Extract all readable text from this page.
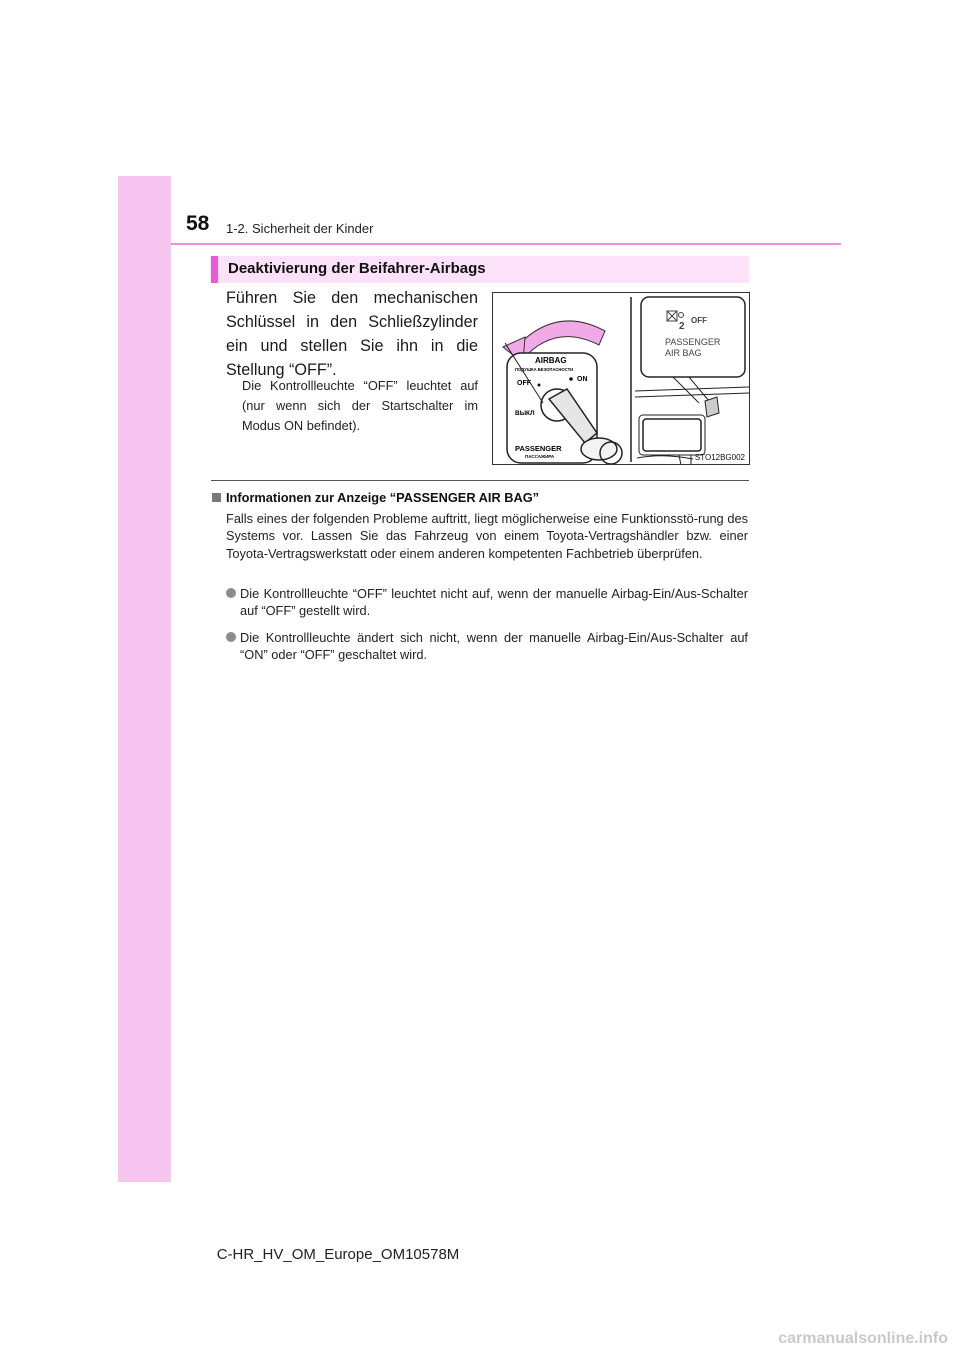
58 1-2. Sicherheit der Kinder
Deaktivierung der Beifahrer-Airbags
Führen Sie den mechanischen Schlüssel in den Schließzylinder ein und stellen Sie ihn in die Stellung “OFF”.
Die Kontrollleuchte “OFF” leuchtet auf (nur wenn sich der Startschalter im Modus ON befindet).
AIRBAG
ПОДУШКА БЕЗОПАСНОСТИ
OFF
ON
ВЫКЛ
PASSENGER
ПАССАЖИРА
2
OFF
PASSENGER
AIR BAG
STO12BG002
Informationen zur Anzeige “PASSENGER AIR BAG”
Falls eines der folgenden Probleme auftritt, liegt möglicherweise eine Funktionsstö-rung des Systems vor. Lassen Sie das Fahrzeug von einem Toyota-Vertragshändler bzw. einer Toyota-Vertragswerkstatt oder einem anderen kompetenten Fachbetrieb überprüfen.
Die Kontrollleuchte “OFF” leuchtet nicht auf, wenn der manuelle Airbag-Ein/Aus-Schalter auf “OFF” gestellt wird.
Die Kontrollleuchte ändert sich nicht, wenn der manuelle Airbag-Ein/Aus-Schalter auf “ON” oder “OFF” geschaltet wird.
C-HR_HV_OM_Europe_OM10578M
carmanualsonline.info
